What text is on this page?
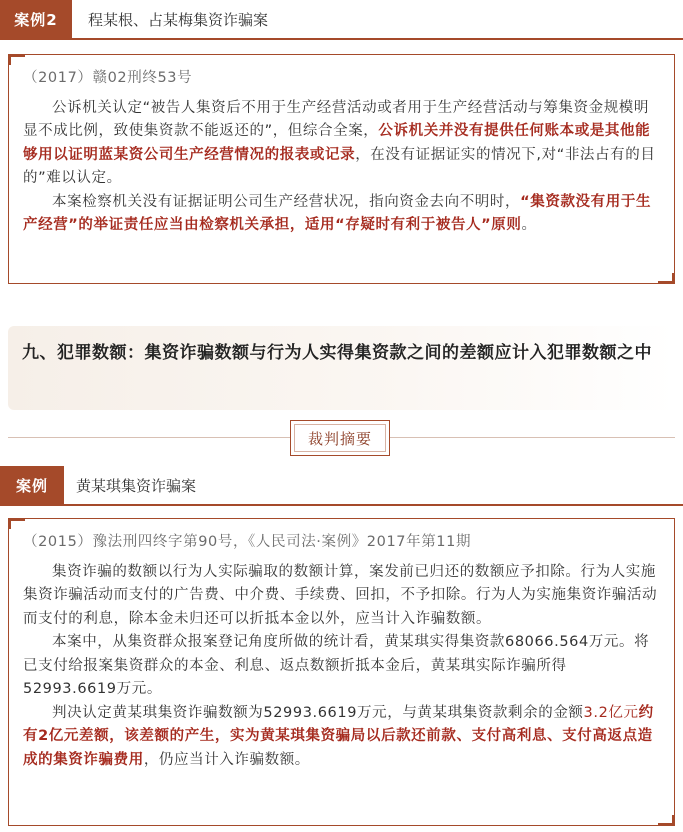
案例2	程某根、占某梅集资诈骗案
（2017）赣02刑终53号

公诉机关认定“被告人集资后不用于生产经营活动或者用于生产经营活动与筹集资金规模明显不成比例，致使集资款不能返还的”，但综合全案，公诉机关并没有提供任何账本或是其他能够用以证明蓝某资公司生产经营情况的报表或记录，在没有证据证实的情况下,对“非法占有的目的”难以认定。

本案检察机关没有证据证明公司生产经营状况，指向资金去向不明时，“集资款没有用于生产经营”的举证责任应当由检察机关承担，适用“存疑时有利于被告人”原则。

九、犯罪数额：集资诈骗数额与行为人实得集资款之间的差额应计入犯罪数额之中
裁判摘要
案例	黄某琪集资诈骗案
（2015）豫法刑四终字第90号，《人民司法·案例》2017年第11期

集资诈骗的数额以行为人实际骗取的数额计算，案发前已归还的数额应予扣除。行为人实施集资诈骗活动而支付的广告费、中介费、手续费、回扣，不予扣除。行为人为实施集资诈骗活动而支付的利息，除本金未归还可以折抵本金以外，应当计入诈骗数额。

本案中，从集资群众报案登记角度所做的统计看，黄某琪实得集资款68066.564万元。将已支付给报案集资群众的本金、利息、返点数额折抵本金后，黄某琪实际诈骗所得52993.6619万元。

判决认定黄某琪集资诈骗数额为52993.6619万元，与黄某琪集资款剩余的金额3.2亿元约有2亿元差额，该差额的产生，实为黄某琪集资骗局以后款还前款、支付高利息、支付高返点造成的集资诈骗费用，仍应当计入诈骗数额。
